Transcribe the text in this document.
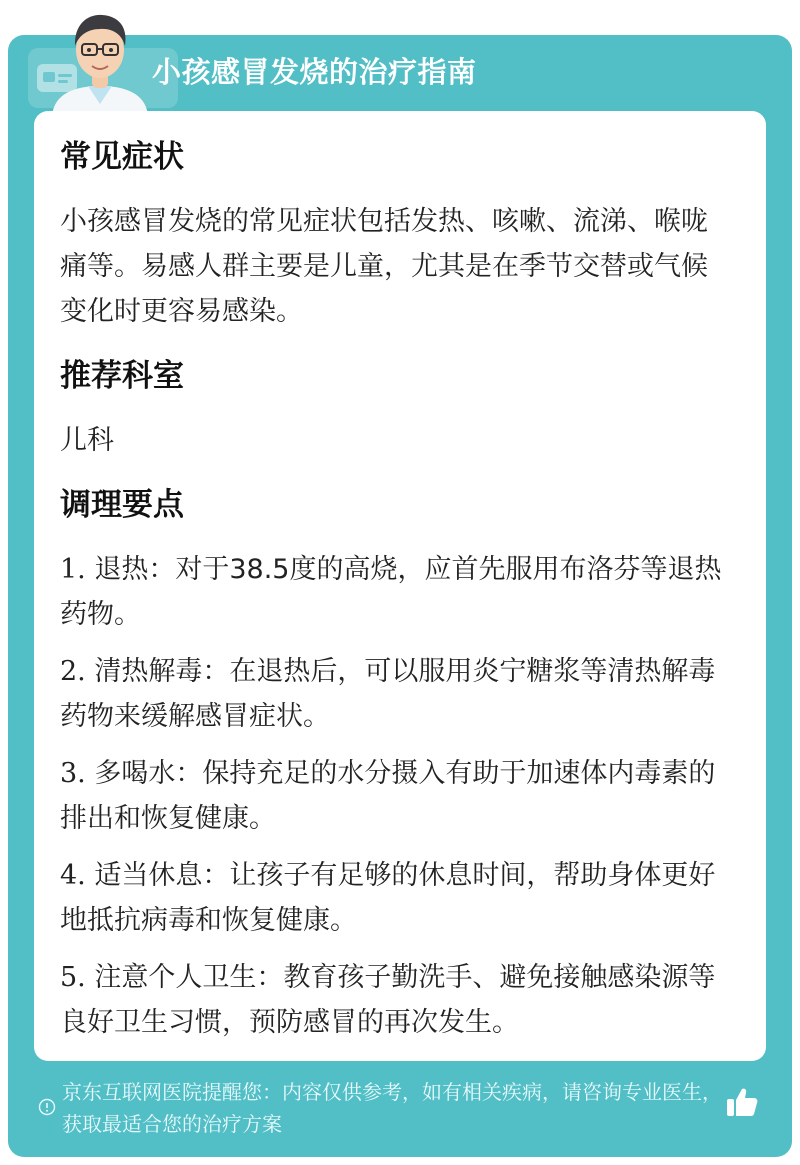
小孩感冒发烧的治疗指南
常见症状
小孩感冒发烧的常见症状包括发热、咳嗽、流涕、喉咙痛等。易感人群主要是儿童，尤其是在季节交替或气候变化时更容易感染。
推荐科室
儿科
调理要点
1. 退热：对于38.5度的高烧，应首先服用布洛芬等退热药物。
2. 清热解毒：在退热后，可以服用炎宁糖浆等清热解毒药物来缓解感冒症状。
3. 多喝水：保持充足的水分摄入有助于加速体内毒素的排出和恢复健康。
4. 适当休息：让孩子有足够的休息时间，帮助身体更好地抵抗病毒和恢复健康。
5. 注意个人卫生：教育孩子勤洗手、避免接触感染源等良好卫生习惯，预防感冒的再次发生。
京东互联网医院提醒您：内容仅供参考，如有相关疾病，请咨询专业医生，获取最适合您的治疗方案
